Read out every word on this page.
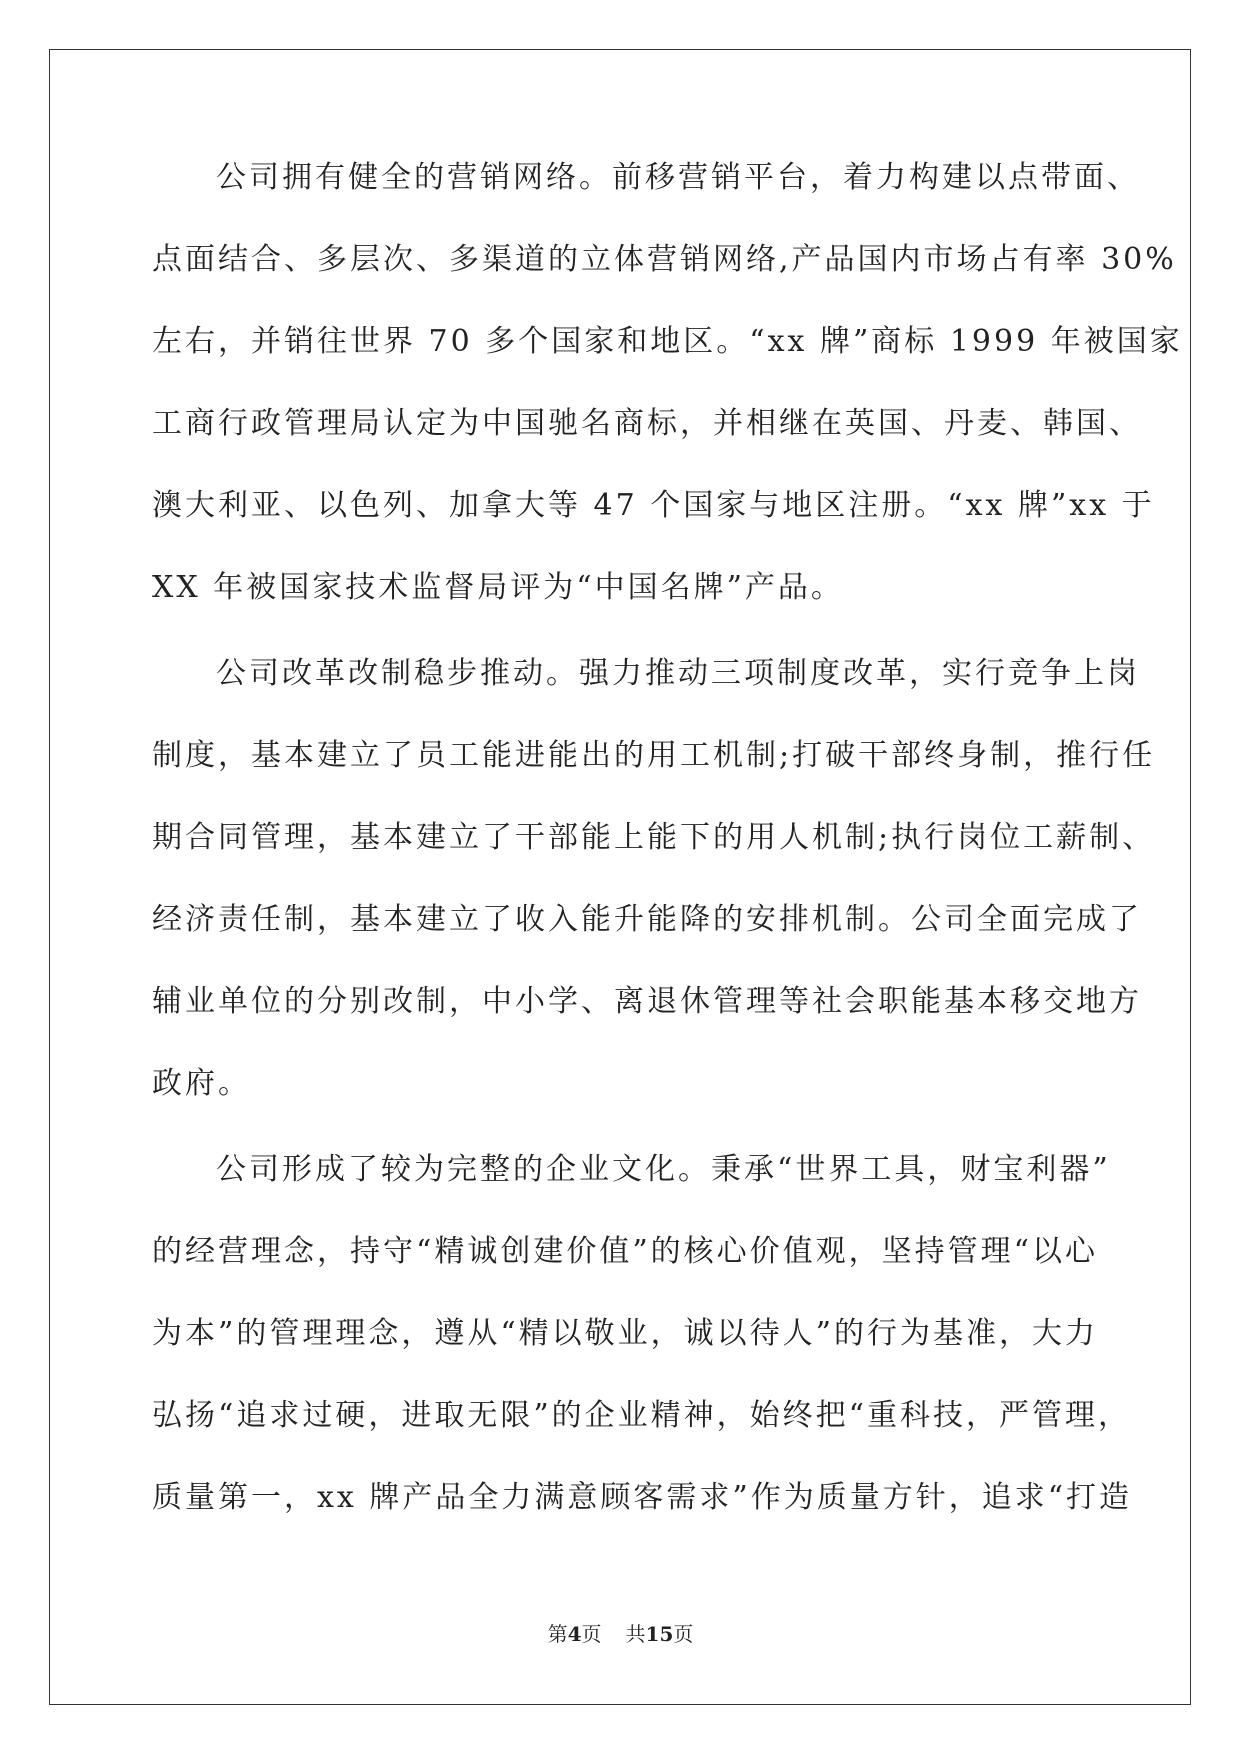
公司拥有健全的营销网络。前移营销平台，着力构建以点带面、
点面结合、多层次、多渠道的立体营销网络,产品国内市场占有率 30%
左右，并销往世界 70 多个国家和地区。“xx 牌”商标 1999 年被国家
工商行政管理局认定为中国驰名商标，并相继在英国、丹麦、韩国、
澳大利亚、以色列、加拿大等 47 个国家与地区注册。“xx 牌”xx 于
XX 年被国家技术监督局评为“中国名牌”产品。
公司改革改制稳步推动。强力推动三项制度改革，实行竞争上岗
制度，基本建立了员工能进能出的用工机制;打破干部终身制，推行任
期合同管理，基本建立了干部能上能下的用人机制;执行岗位工薪制、
经济责任制，基本建立了收入能升能降的安排机制。公司全面完成了
辅业单位的分别改制，中小学、离退休管理等社会职能基本移交地方
政府。
公司形成了较为完整的企业文化。秉承“世界工具，财宝利器”
的经营理念，持守“精诚创建价值”的核心价值观，坚持管理“以心
为本”的管理理念，遵从“精以敬业，诚以待人”的行为基准，大力
弘扬“追求过硬，进取无限”的企业精神，始终把“重科技，严管理，
质量第一，xx 牌产品全力满意顾客需求”作为质量方针，追求“打造
第4页 共15页
